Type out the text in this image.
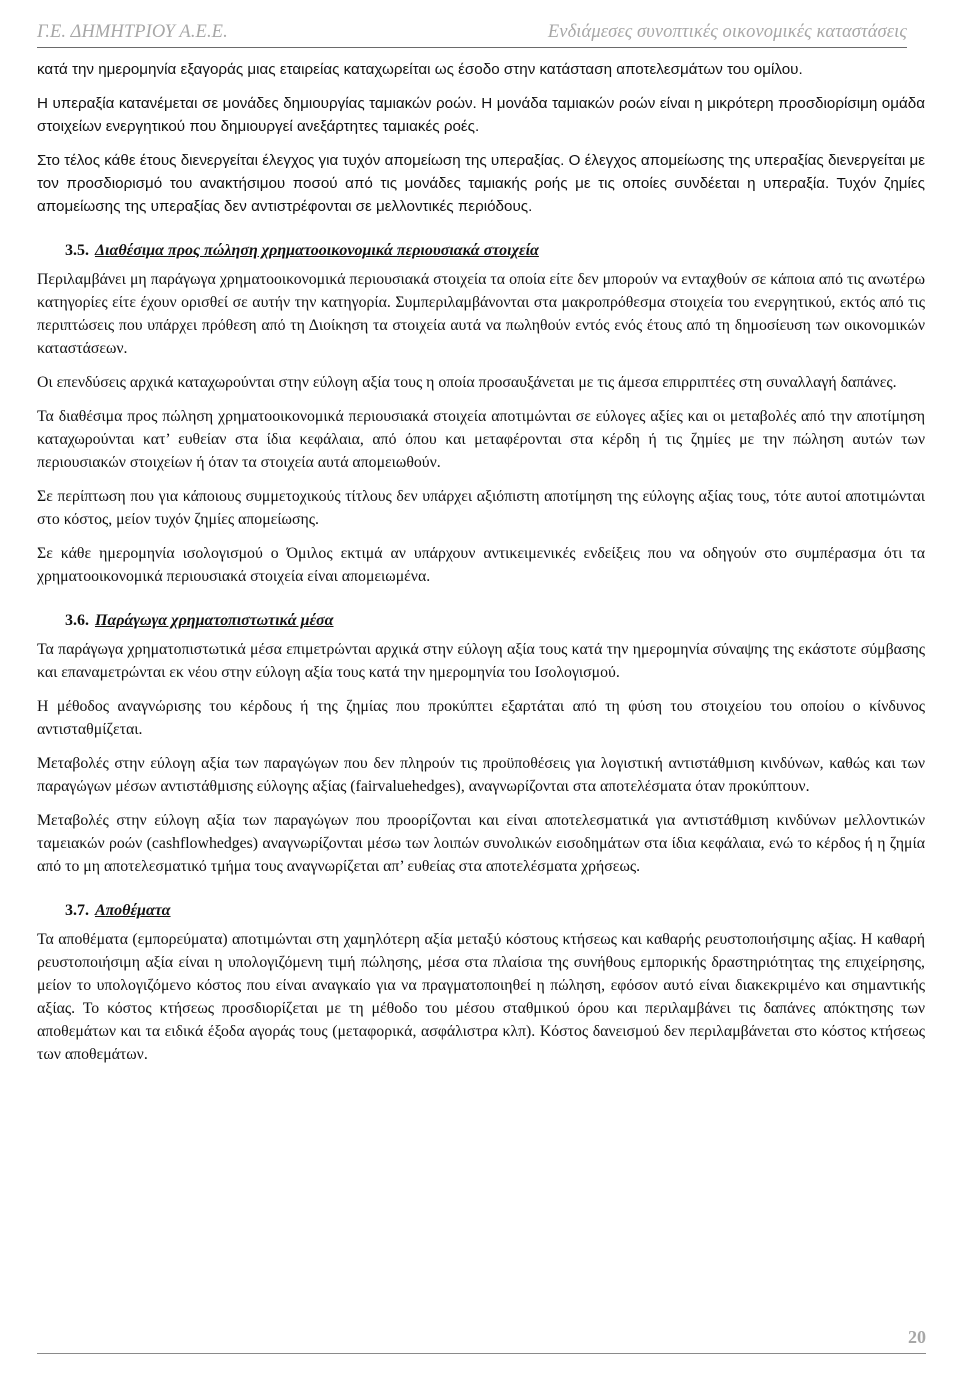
Γ.Ε. ΔΗΜΗΤΡΙΟΥ Α.Ε.Ε.	Ενδιάμεσες συνοπτικές οικονομικές καταστάσεις

κατά την ημερομηνία εξαγοράς μιας εταιρείας καταχωρείται ως έσοδο στην κατάσταση αποτελεσμάτων του ομίλου.

Η υπεραξία κατανέμεται σε μονάδες δημιουργίας ταμιακών ροών. Η μονάδα ταμιακών ροών είναι η μικρότερη προσδιορίσιμη ομάδα στοιχείων ενεργητικού που δημιουργεί ανεξάρτητες ταμιακές ροές.

Στο τέλος κάθε έτους διενεργείται έλεγχος για τυχόν απομείωση της υπεραξίας. Ο έλεγχος απομείωσης της υπεραξίας διενεργείται με τον προσδιορισμό του ανακτήσιμου ποσού από τις μονάδες ταμιακής ροής με τις οποίες συνδέεται η υπεραξία. Τυχόν ζημίες απομείωσης της υπεραξίας δεν αντιστρέφονται σε μελλοντικές περιόδους.

3.5. Διαθέσιμα προς πώληση χρηματοοικονομικά περιουσιακά στοιχεία

Περιλαμβάνει μη παράγωγα χρηματοοικονομικά περιουσιακά στοιχεία τα οποία είτε δεν μπορούν να ενταχθούν σε κάποια από τις ανωτέρω κατηγορίες είτε έχουν ορισθεί σε αυτήν την κατηγορία. Συμπεριλαμβάνονται στα μακροπρόθεσμα στοιχεία του ενεργητικού, εκτός από τις περιπτώσεις που υπάρχει πρόθεση από τη Διοίκηση τα στοιχεία αυτά να πωληθούν εντός ενός έτους από τη δημοσίευση των οικονομικών καταστάσεων.

Οι επενδύσεις αρχικά καταχωρούνται στην εύλογη αξία τους η οποία προσαυξάνεται με τις άμεσα επιρριπτέες στη συναλλαγή δαπάνες.

Τα διαθέσιμα προς πώληση χρηματοοικονομικά περιουσιακά στοιχεία αποτιμώνται σε εύλογες αξίες και οι μεταβολές από την αποτίμηση καταχωρούνται κατ’ ευθείαν στα ίδια κεφάλαια, από όπου και μεταφέρονται στα κέρδη ή τις ζημίες με την πώληση αυτών των περιουσιακών στοιχείων ή όταν τα στοιχεία αυτά απομειωθούν.

Σε περίπτωση που για κάποιους συμμετοχικούς τίτλους δεν υπάρχει αξιόπιστη αποτίμηση της εύλογης αξίας τους, τότε αυτοί αποτιμώνται στο κόστος, μείον τυχόν ζημίες απομείωσης.

Σε κάθε ημερομηνία ισολογισμού ο Όμιλος εκτιμά αν υπάρχουν αντικειμενικές ενδείξεις που να οδηγούν στο συμπέρασμα ότι τα χρηματοοικονομικά περιουσιακά στοιχεία είναι απομειωμένα.

3.6. Παράγωγα χρηματοπιστωτικά μέσα

Τα παράγωγα χρηματοπιστωτικά μέσα επιμετρώνται αρχικά στην εύλογη αξία τους κατά την ημερομηνία σύναψης της εκάστοτε σύμβασης και επαναμετρώνται εκ νέου στην εύλογη αξία τους κατά την ημερομηνία του Ισολογισμού.

Η μέθοδος αναγνώρισης του κέρδους ή της ζημίας που προκύπτει εξαρτάται από τη φύση του στοιχείου του οποίου ο κίνδυνος αντισταθμίζεται.

Μεταβολές στην εύλογη αξία των παραγώγων που δεν πληρούν τις προϋποθέσεις για λογιστική αντιστάθμιση κινδύνων, καθώς και των παραγώγων μέσων αντιστάθμισης εύλογης αξίας (fairvaluehedges), αναγνωρίζονται στα αποτελέσματα όταν προκύπτουν.

Μεταβολές στην εύλογη αξία των παραγώγων που προορίζονται και είναι αποτελεσματικά για αντιστάθμιση κινδύνων μελλοντικών ταμειακών ροών (cashflowhedges) αναγνωρίζονται μέσω των λοιπών συνολικών εισοδημάτων στα ίδια κεφάλαια, ενώ το κέρδος ή η ζημία από το μη αποτελεσματικό τμήμα τους αναγνωρίζεται απ’ ευθείας στα αποτελέσματα χρήσεως.

3.7. Αποθέματα

Τα αποθέματα (εμπορεύματα) αποτιμώνται στη χαμηλότερη αξία μεταξύ κόστους κτήσεως και καθαρής ρευστοποιήσιμης αξίας. Η καθαρή ρευστοποιήσιμη αξία είναι η υπολογιζόμενη τιμή πώλησης, μέσα στα πλαίσια της συνήθους εμπορικής δραστηριότητας της επιχείρησης, μείον το υπολογιζόμενο κόστος που είναι αναγκαίο για να πραγματοποιηθεί η πώληση, εφόσον αυτό είναι διακεκριμένο και σημαντικής αξίας. Το κόστος κτήσεως προσδιορίζεται με τη μέθοδο του μέσου σταθμικού όρου και περιλαμβάνει τις δαπάνες απόκτησης των αποθεμάτων και τα ειδικά έξοδα αγοράς τους (μεταφορικά, ασφάλιστρα κλπ). Κόστος δανεισμού δεν περιλαμβάνεται στο κόστος κτήσεως των αποθεμάτων.

20
